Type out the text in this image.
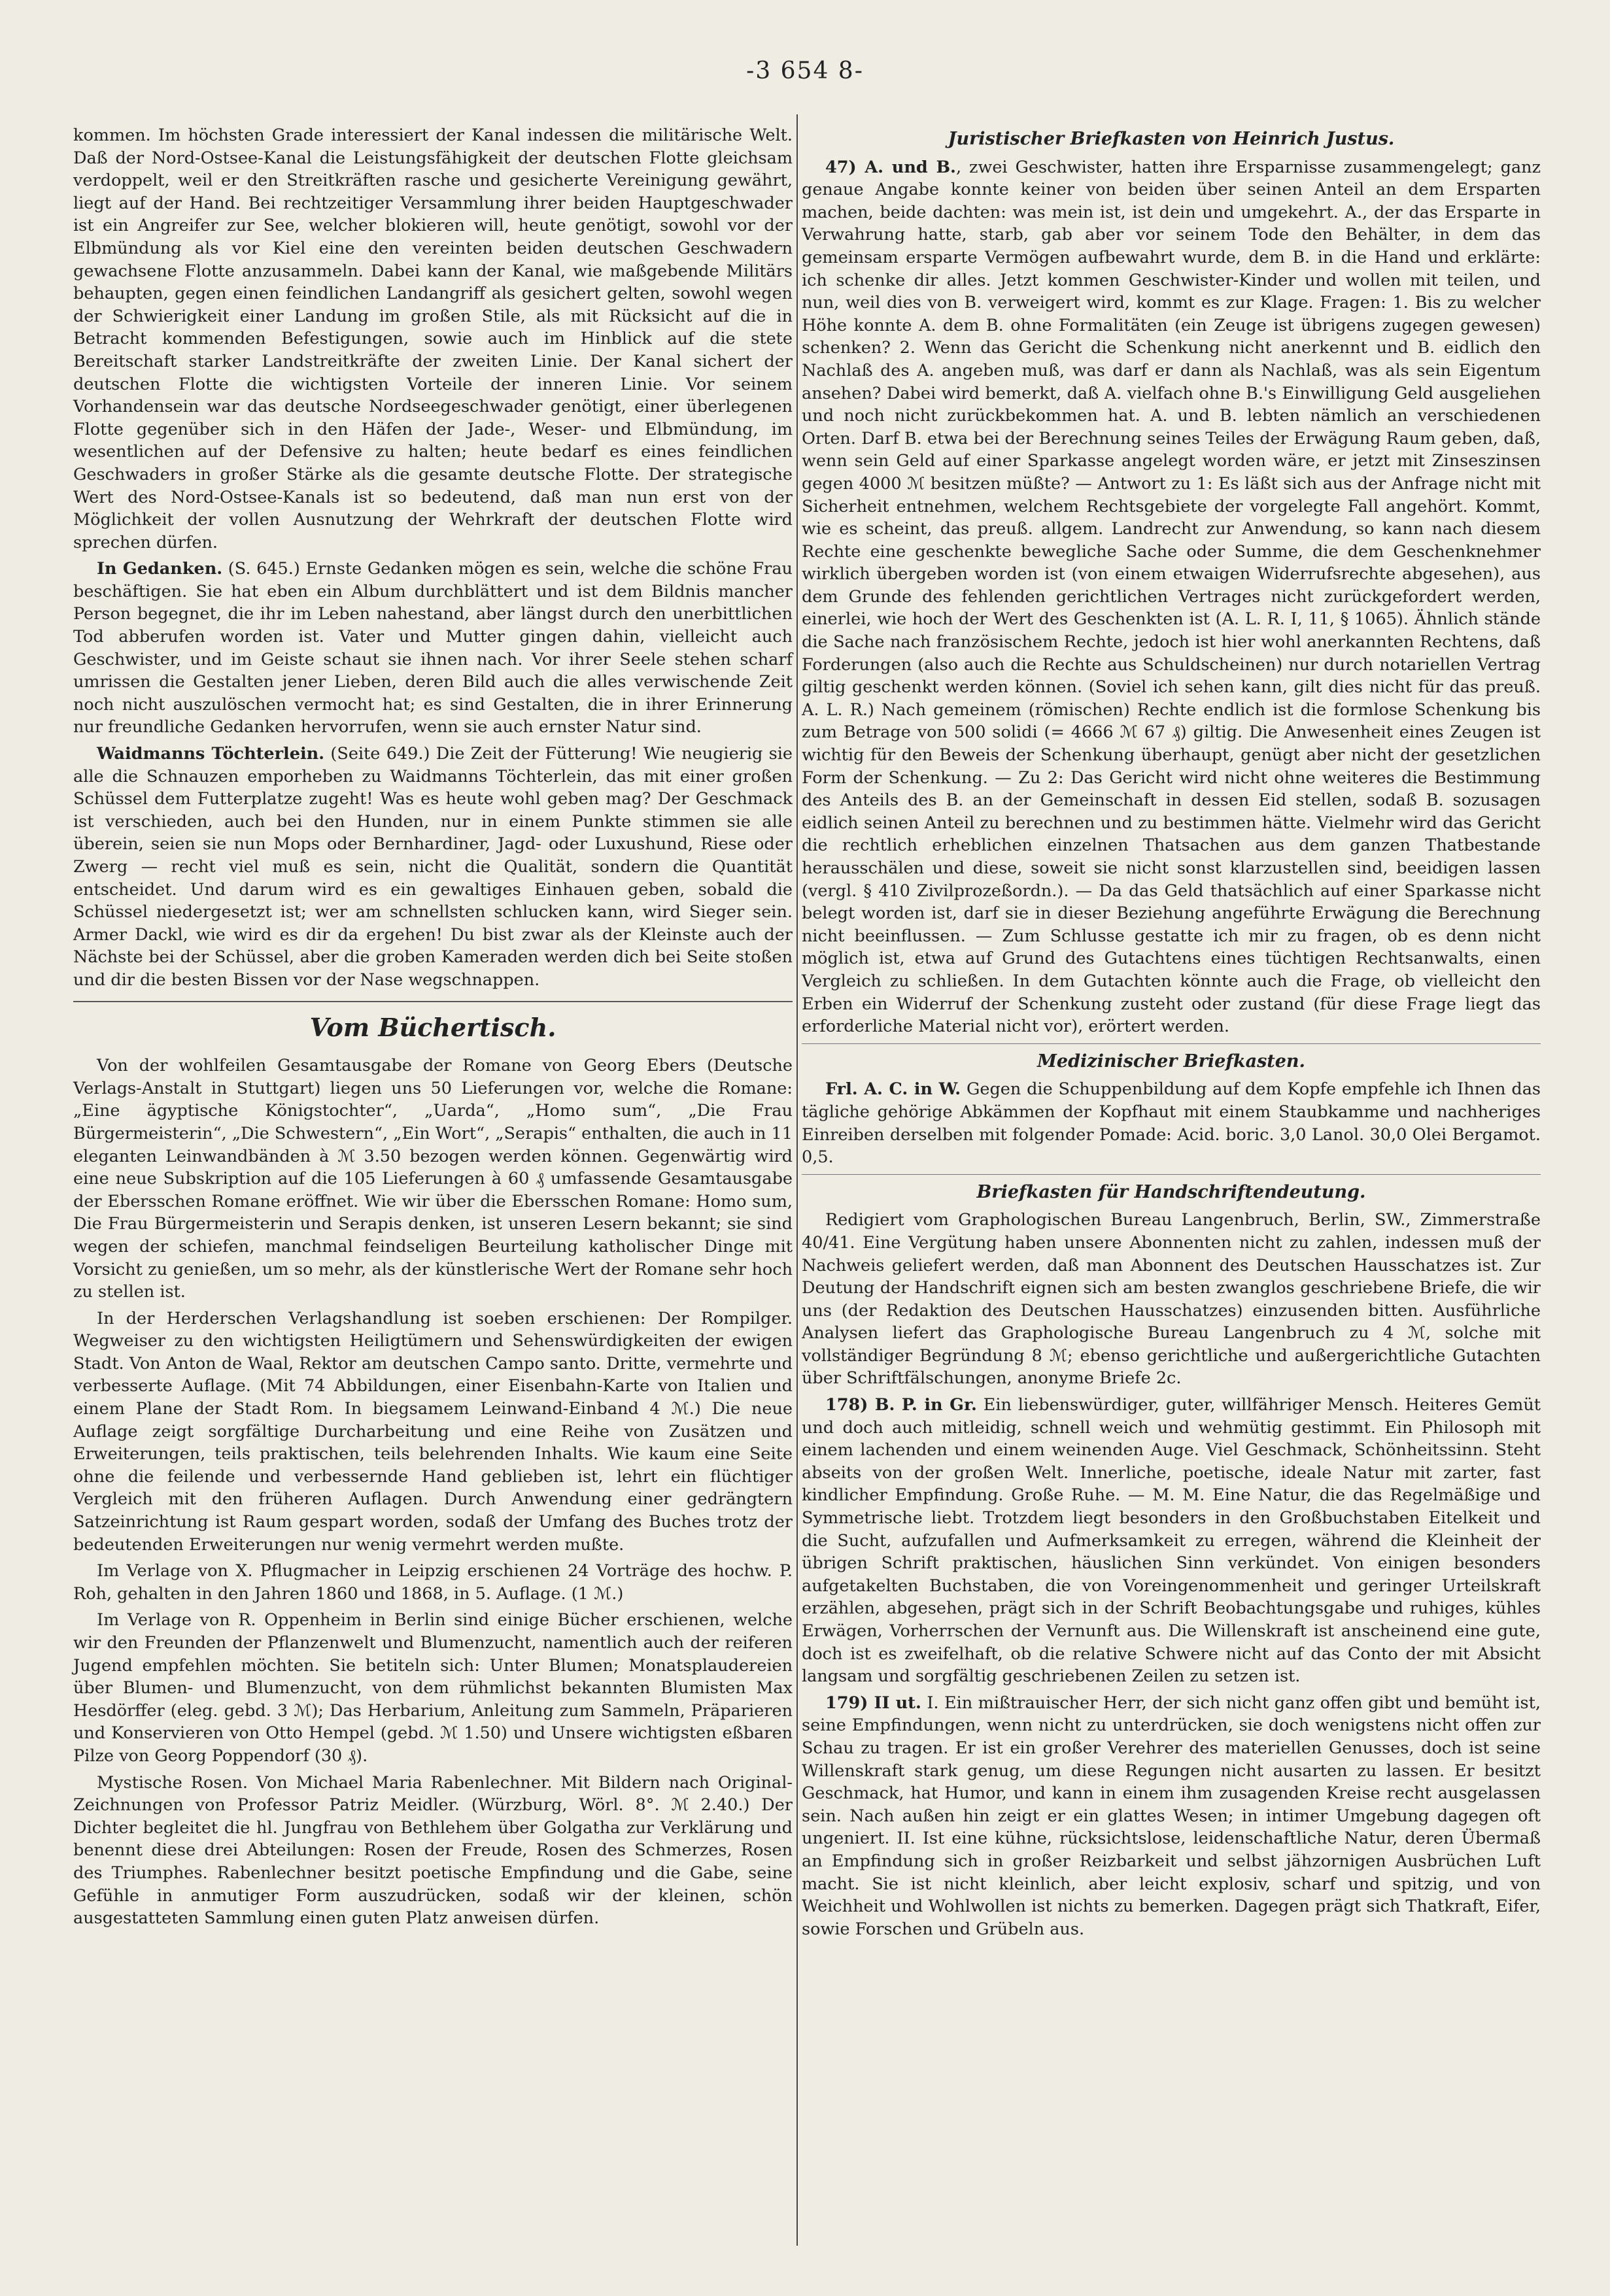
-3 654 8-

kommen. Im höchsten Grade interessiert der Kanal indessen die militärische Welt. Daß der Nord-Ostsee-Kanal die Leistungsfähigkeit der deutschen Flotte gleichsam verdoppelt, weil er den Streitkräften rasche und gesicherte Vereinigung gewährt, liegt auf der Hand. Bei rechtzeitiger Versammlung ihrer beiden Hauptgeschwader ist ein Angreifer zur See, welcher blokieren will, heute genötigt, sowohl vor der Elbmündung als vor Kiel eine den vereinten beiden deutschen Geschwadern gewachsene Flotte anzusammeln. Dabei kann der Kanal, wie maßgebende Militärs behaupten, gegen einen feindlichen Landangriff als gesichert gelten, sowohl wegen der Schwierigkeit einer Landung im großen Stile, als mit Rücksicht auf die in Betracht kommenden Befestigungen, sowie auch im Hinblick auf die stete Bereitschaft starker Landstreitkräfte der zweiten Linie. Der Kanal sichert der deutschen Flotte die wichtigsten Vorteile der inneren Linie. Vor seinem Vorhandensein war das deutsche Nordseegeschwader genötigt, einer überlegenen Flotte gegenüber sich in den Häfen der Jade-, Weser- und Elbmündung, im wesentlichen auf der Defensive zu halten; heute bedarf es eines feindlichen Geschwaders in großer Stärke als die gesamte deutsche Flotte. Der strategische Wert des Nord-Ostsee-Kanals ist so bedeutend, daß man nun erst von der Möglichkeit der vollen Ausnutzung der Wehrkraft der deutschen Flotte wird sprechen dürfen.

In Gedanken. (S. 645.) Ernste Gedanken mögen es sein, welche die schöne Frau beschäftigen. Sie hat eben ein Album durchblättert und ist dem Bildnis mancher Person begegnet, die ihr im Leben nahestand, aber längst durch den unerbittlichen Tod abberufen worden ist. Vater und Mutter gingen dahin, vielleicht auch Geschwister, und im Geiste schaut sie ihnen nach. Vor ihrer Seele stehen scharf umrissen die Gestalten jener Lieben, deren Bild auch die alles verwischende Zeit noch nicht auszulöschen vermocht hat; es sind Gestalten, die in ihrer Erinnerung nur freundliche Gedanken hervorrufen, wenn sie auch ernster Natur sind.

Waidmanns Töchterlein. (Seite 649.) Die Zeit der Fütterung! Wie neugierig sie alle die Schnauzen emporheben zu Waidmanns Töchterlein, das mit einer großen Schüssel dem Futterplatze zugeht! Was es heute wohl geben mag? Der Geschmack ist verschieden, auch bei den Hunden, nur in einem Punkte stimmen sie alle überein, seien sie nun Mops oder Bernhardiner, Jagd- oder Luxushund, Riese oder Zwerg — recht viel muß es sein, nicht die Qualität, sondern die Quantität entscheidet. Und darum wird es ein gewaltiges Einhauen geben, sobald die Schüssel niedergesetzt ist; wer am schnellsten schlucken kann, wird Sieger sein. Armer Dackl, wie wird es dir da ergehen! Du bist zwar als der Kleinste auch der Nächste bei der Schüssel, aber die groben Kameraden werden dich bei Seite stoßen und dir die besten Bissen vor der Nase wegschnappen.

Vom Büchertisch.

Von der wohlfeilen Gesamtausgabe der Romane von Georg Ebers (Deutsche Verlags-Anstalt in Stuttgart) liegen uns 50 Lieferungen vor, welche die Romane: „Eine ägyptische Königstochter“, „Uarda“, „Homo sum“, „Die Frau Bürgermeisterin“, „Die Schwestern“, „Ein Wort“, „Serapis“ enthalten, die auch in 11 eleganten Leinwandbänden à ℳ 3.50 bezogen werden können. Gegenwärtig wird eine neue Subskription auf die 105 Lieferungen à 60 ₰ umfassende Gesamtausgabe der Ebersschen Romane eröffnet. Wie wir über die Ebersschen Romane: Homo sum, Die Frau Bürgermeisterin und Serapis denken, ist unseren Lesern bekannt; sie sind wegen der schiefen, manchmal feindseligen Beurteilung katholischer Dinge mit Vorsicht zu genießen, um so mehr, als der künstlerische Wert der Romane sehr hoch zu stellen ist.

In der Herderschen Verlagshandlung ist soeben erschienen: Der Rompilger. Wegweiser zu den wichtigsten Heiligtümern und Sehenswürdigkeiten der ewigen Stadt. Von Anton de Waal, Rektor am deutschen Campo santo. Dritte, vermehrte und verbesserte Auflage. (Mit 74 Abbildungen, einer Eisenbahn-Karte von Italien und einem Plane der Stadt Rom. In biegsamem Leinwand-Einband 4 ℳ.) Die neue Auflage zeigt sorgfältige Durcharbeitung und eine Reihe von Zusätzen und Erweiterungen, teils praktischen, teils belehrenden Inhalts. Wie kaum eine Seite ohne die feilende und verbessernde Hand geblieben ist, lehrt ein flüchtiger Vergleich mit den früheren Auflagen. Durch Anwendung einer gedrängtern Satzeinrichtung ist Raum gespart worden, sodaß der Umfang des Buches trotz der bedeutenden Erweiterungen nur wenig vermehrt werden mußte.

Im Verlage von X. Pflugmacher in Leipzig erschienen 24 Vorträge des hochw. P. Roh, gehalten in den Jahren 1860 und 1868, in 5. Auflage. (1 ℳ.)

Im Verlage von R. Oppenheim in Berlin sind einige Bücher erschienen, welche wir den Freunden der Pflanzenwelt und Blumenzucht, namentlich auch der reiferen Jugend empfehlen möchten. Sie betiteln sich: Unter Blumen; Monatsplaudereien über Blumen- und Blumenzucht, von dem rühmlichst bekannten Blumisten Max Hesdörffer (eleg. gebd. 3 ℳ); Das Herbarium, Anleitung zum Sammeln, Präparieren und Konservieren von Otto Hempel (gebd. ℳ 1.50) und Unsere wichtigsten eßbaren Pilze von Georg Poppendorf (30 ₰).

Mystische Rosen. Von Michael Maria Rabenlechner. Mit Bildern nach Original-Zeichnungen von Professor Patriz Meidler. (Würzburg, Wörl. 8°. ℳ 2.40.) Der Dichter begleitet die hl. Jungfrau von Bethlehem über Golgatha zur Verklärung und benennt diese drei Abteilungen: Rosen der Freude, Rosen des Schmerzes, Rosen des Triumphes. Rabenlechner besitzt poetische Empfindung und die Gabe, seine Gefühle in anmutiger Form auszudrücken, sodaß wir der kleinen, schön ausgestatteten Sammlung einen guten Platz anweisen dürfen.

Juristischer Briefkasten von Heinrich Justus.

47) A. und B., zwei Geschwister, hatten ihre Ersparnisse zusammengelegt; ganz genaue Angabe konnte keiner von beiden über seinen Anteil an dem Ersparten machen, beide dachten: was mein ist, ist dein und umgekehrt. A., der das Ersparte in Verwahrung hatte, starb, gab aber vor seinem Tode den Behälter, in dem das gemeinsam ersparte Vermögen aufbewahrt wurde, dem B. in die Hand und erklärte: ich schenke dir alles. Jetzt kommen Geschwister-Kinder und wollen mit teilen, und nun, weil dies von B. verweigert wird, kommt es zur Klage. Fragen: 1. Bis zu welcher Höhe konnte A. dem B. ohne Formalitäten (ein Zeuge ist übrigens zugegen gewesen) schenken? 2. Wenn das Gericht die Schenkung nicht anerkennt und B. eidlich den Nachlaß des A. angeben muß, was darf er dann als Nachlaß, was als sein Eigentum ansehen? Dabei wird bemerkt, daß A. vielfach ohne B.'s Einwilligung Geld ausgeliehen und noch nicht zurückbekommen hat. A. und B. lebten nämlich an verschiedenen Orten. Darf B. etwa bei der Berechnung seines Teiles der Erwägung Raum geben, daß, wenn sein Geld auf einer Sparkasse angelegt worden wäre, er jetzt mit Zinseszinsen gegen 4000 ℳ besitzen müßte? — Antwort zu 1: Es läßt sich aus der Anfrage nicht mit Sicherheit entnehmen, welchem Rechtsgebiete der vorgelegte Fall angehört. Kommt, wie es scheint, das preuß. allgem. Landrecht zur Anwendung, so kann nach diesem Rechte eine geschenkte bewegliche Sache oder Summe, die dem Geschenknehmer wirklich übergeben worden ist (von einem etwaigen Widerrufsrechte abgesehen), aus dem Grunde des fehlenden gerichtlichen Vertrages nicht zurückgefordert werden, einerlei, wie hoch der Wert des Geschenkten ist (A. L. R. I, 11, § 1065). Ähnlich stände die Sache nach französischem Rechte, jedoch ist hier wohl anerkannten Rechtens, daß Forderungen (also auch die Rechte aus Schuldscheinen) nur durch notariellen Vertrag giltig geschenkt werden können. (Soviel ich sehen kann, gilt dies nicht für das preuß. A. L. R.) Nach gemeinem (römischen) Rechte endlich ist die formlose Schenkung bis zum Betrage von 500 solidi (= 4666 ℳ 67 ₰) giltig. Die Anwesenheit eines Zeugen ist wichtig für den Beweis der Schenkung überhaupt, genügt aber nicht der gesetzlichen Form der Schenkung. — Zu 2: Das Gericht wird nicht ohne weiteres die Bestimmung des Anteils des B. an der Gemeinschaft in dessen Eid stellen, sodaß B. sozusagen eidlich seinen Anteil zu berechnen und zu bestimmen hätte. Vielmehr wird das Gericht die rechtlich erheblichen einzelnen Thatsachen aus dem ganzen Thatbestande herausschälen und diese, soweit sie nicht sonst klarzustellen sind, beeidigen lassen (vergl. § 410 Zivilprozeßordn.). — Da das Geld thatsächlich auf einer Sparkasse nicht belegt worden ist, darf sie in dieser Beziehung angeführte Erwägung die Berechnung nicht beeinflussen. — Zum Schlusse gestatte ich mir zu fragen, ob es denn nicht möglich ist, etwa auf Grund des Gutachtens eines tüchtigen Rechtsanwalts, einen Vergleich zu schließen. In dem Gutachten könnte auch die Frage, ob vielleicht den Erben ein Widerruf der Schenkung zusteht oder zustand (für diese Frage liegt das erforderliche Material nicht vor), erörtert werden.

Medizinischer Briefkasten.

Frl. A. C. in W. Gegen die Schuppenbildung auf dem Kopfe empfehle ich Ihnen das tägliche gehörige Abkämmen der Kopfhaut mit einem Staubkamme und nachheriges Einreiben derselben mit folgender Pomade: Acid. boric. 3,0 Lanol. 30,0 Olei Bergamot. 0,5.

Briefkasten für Handschriftendeutung.

Redigiert vom Graphologischen Bureau Langenbruch, Berlin, SW., Zimmerstraße 40/41. Eine Vergütung haben unsere Abonnenten nicht zu zahlen, indessen muß der Nachweis geliefert werden, daß man Abonnent des Deutschen Hausschatzes ist. Zur Deutung der Handschrift eignen sich am besten zwanglos geschriebene Briefe, die wir uns (der Redaktion des Deutschen Hausschatzes) einzusenden bitten. Ausführliche Analysen liefert das Graphologische Bureau Langenbruch zu 4 ℳ, solche mit vollständiger Begründung 8 ℳ; ebenso gerichtliche und außergerichtliche Gutachten über Schriftfälschungen, anonyme Briefe 2c.

178) B. P. in Gr. Ein liebenswürdiger, guter, willfähriger Mensch. Heiteres Gemüt und doch auch mitleidig, schnell weich und wehmütig gestimmt. Ein Philosoph mit einem lachenden und einem weinenden Auge. Viel Geschmack, Schönheitssinn. Steht abseits von der großen Welt. Innerliche, poetische, ideale Natur mit zarter, fast kindlicher Empfindung. Große Ruhe. — M. M. Eine Natur, die das Regelmäßige und Symmetrische liebt. Trotzdem liegt besonders in den Großbuchstaben Eitelkeit und die Sucht, aufzufallen und Aufmerksamkeit zu erregen, während die Kleinheit der übrigen Schrift praktischen, häuslichen Sinn verkündet. Von einigen besonders aufgetakelten Buchstaben, die von Voreingenommenheit und geringer Urteilskraft erzählen, abgesehen, prägt sich in der Schrift Beobachtungsgabe und ruhiges, kühles Erwägen, Vorherrschen der Vernunft aus. Die Willenskraft ist anscheinend eine gute, doch ist es zweifelhaft, ob die relative Schwere nicht auf das Conto der mit Absicht langsam und sorgfältig geschriebenen Zeilen zu setzen ist.

179) II ut. I. Ein mißtrauischer Herr, der sich nicht ganz offen gibt und bemüht ist, seine Empfindungen, wenn nicht zu unterdrücken, sie doch wenigstens nicht offen zur Schau zu tragen. Er ist ein großer Verehrer des materiellen Genusses, doch ist seine Willenskraft stark genug, um diese Regungen nicht ausarten zu lassen. Er besitzt Geschmack, hat Humor, und kann in einem ihm zusagenden Kreise recht ausgelassen sein. Nach außen hin zeigt er ein glattes Wesen; in intimer Umgebung dagegen oft ungeniert. II. Ist eine kühne, rücksichtslose, leidenschaftliche Natur, deren Übermaß an Empfindung sich in großer Reizbarkeit und selbst jähzornigen Ausbrüchen Luft macht. Sie ist nicht kleinlich, aber leicht explosiv, scharf und spitzig, und von Weichheit und Wohlwollen ist nichts zu bemerken. Dagegen prägt sich Thatkraft, Eifer, sowie Forschen und Grübeln aus.
